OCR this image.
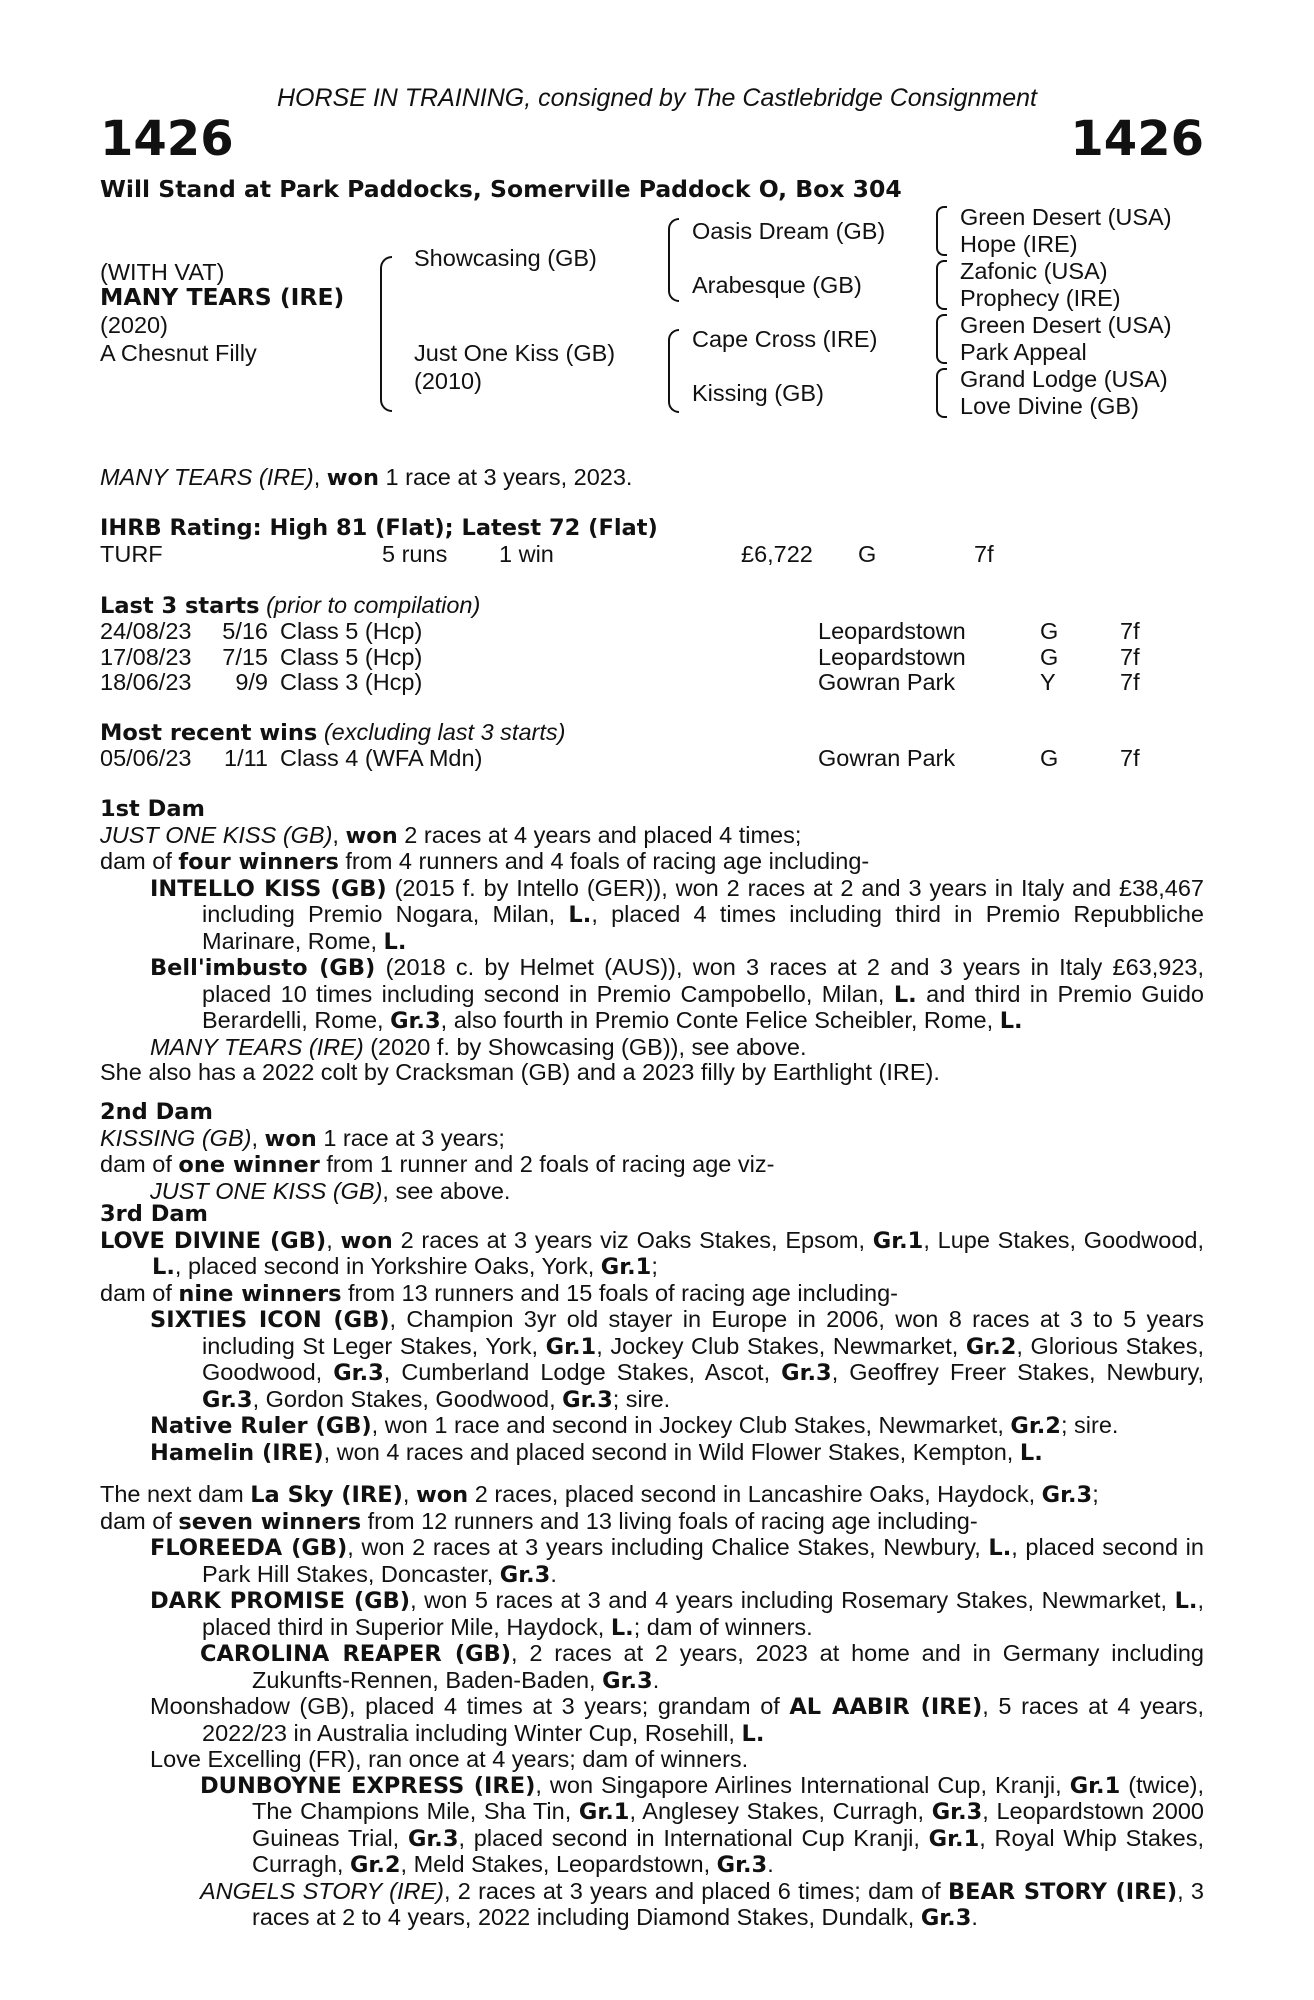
HORSE IN TRAINING, consigned by The Castlebridge Consignment
1426	1426
Will Stand at Park Paddocks, Somerville Paddock O, Box 304
(WITH VAT)
MANY TEARS (IRE)
(2020)
A Chesnut Filly
Showcasing (GB)
Just One Kiss (GB)
(2010)
Oasis Dream (GB)
Arabesque (GB)
Cape Cross (IRE)
Kissing (GB)
Green Desert (USA)
Hope (IRE)
Zafonic (USA)
Prophecy (IRE)
Green Desert (USA)
Park Appeal
Grand Lodge (USA)
Love Divine (GB)
MANY TEARS (IRE), won 1 race at 3 years, 2023.
IHRB Rating: High 81 (Flat); Latest 72 (Flat)
TURF	5 runs 1 win	£6,722 G	7f
Last 3 starts (prior to compilation)
24/08/23	5/16	Class 5 (Hcp)	Leopardstown	G	7f
17/08/23	7/15	Class 5 (Hcp)	Leopardstown	G	7f
18/06/23	9/9	Class 3 (Hcp)	Gowran Park	Y	7f
Most recent wins (excluding last 3 starts)
05/06/23	1/11	Class 4 (WFA Mdn)	Gowran Park	G	7f

1st Dam

JUST ONE KISS (GB), won 2 races at 4 years and placed 4 times;

dam of four winners from 4 runners and 4 foals of racing age including-

INTELLO KISS (GB) (2015 f. by Intello (GER)), won 2 races at 2 and 3 years in Italy and £38,467 including Premio Nogara, Milan, L., placed 4 times including third in Premio Repubbliche Marinare, Rome, L.

Bell'imbusto (GB) (2018 c. by Helmet (AUS)), won 3 races at 2 and 3 years in Italy £63,923, placed 10 times including second in Premio Campobello, Milan, L. and third in Premio Guido Berardelli, Rome, Gr.3, also fourth in Premio Conte Felice Scheibler, Rome, L.

MANY TEARS (IRE) (2020 f. by Showcasing (GB)), see above.

She also has a 2022 colt by Cracksman (GB) and a 2023 filly by Earthlight (IRE).

2nd Dam

KISSING (GB), won 1 race at 3 years;

dam of one winner from 1 runner and 2 foals of racing age viz-

JUST ONE KISS (GB), see above.

3rd Dam

LOVE DIVINE (GB), won 2 races at 3 years viz Oaks Stakes, Epsom, Gr.1, Lupe Stakes, Goodwood, L., placed second in Yorkshire Oaks, York, Gr.1;

dam of nine winners from 13 runners and 15 foals of racing age including-

SIXTIES ICON (GB), Champion 3yr old stayer in Europe in 2006, won 8 races at 3 to 5 years including St Leger Stakes, York, Gr.1, Jockey Club Stakes, Newmarket, Gr.2, Glorious Stakes, Goodwood, Gr.3, Cumberland Lodge Stakes, Ascot, Gr.3, Geoffrey Freer Stakes, Newbury, Gr.3, Gordon Stakes, Goodwood, Gr.3; sire.

Native Ruler (GB), won 1 race and second in Jockey Club Stakes, Newmarket, Gr.2; sire.

Hamelin (IRE), won 4 races and placed second in Wild Flower Stakes, Kempton, L.

The next dam La Sky (IRE), won 2 races, placed second in Lancashire Oaks, Haydock, Gr.3;

dam of seven winners from 12 runners and 13 living foals of racing age including-

FLOREEDA (GB), won 2 races at 3 years including Chalice Stakes, Newbury, L., placed second in Park Hill Stakes, Doncaster, Gr.3.

DARK PROMISE (GB), won 5 races at 3 and 4 years including Rosemary Stakes, Newmarket, L., placed third in Superior Mile, Haydock, L.; dam of winners.

CAROLINA REAPER (GB), 2 races at 2 years, 2023 at home and in Germany including Zukunfts-Rennen, Baden-Baden, Gr.3.

Moonshadow (GB), placed 4 times at 3 years; grandam of AL AABIR (IRE), 5 races at 4 years, 2022/23 in Australia including Winter Cup, Rosehill, L.

Love Excelling (FR), ran once at 4 years; dam of winners.

DUNBOYNE EXPRESS (IRE), won Singapore Airlines International Cup, Kranji, Gr.1 (twice), The Champions Mile, Sha Tin, Gr.1, Anglesey Stakes, Curragh, Gr.3, Leopardstown 2000 Guineas Trial, Gr.3, placed second in International Cup Kranji, Gr.1, Royal Whip Stakes, Curragh, Gr.2, Meld Stakes, Leopardstown, Gr.3.

ANGELS STORY (IRE), 2 races at 3 years and placed 6 times; dam of BEAR STORY (IRE), 3 races at 2 to 4 years, 2022 including Diamond Stakes, Dundalk, Gr.3.
